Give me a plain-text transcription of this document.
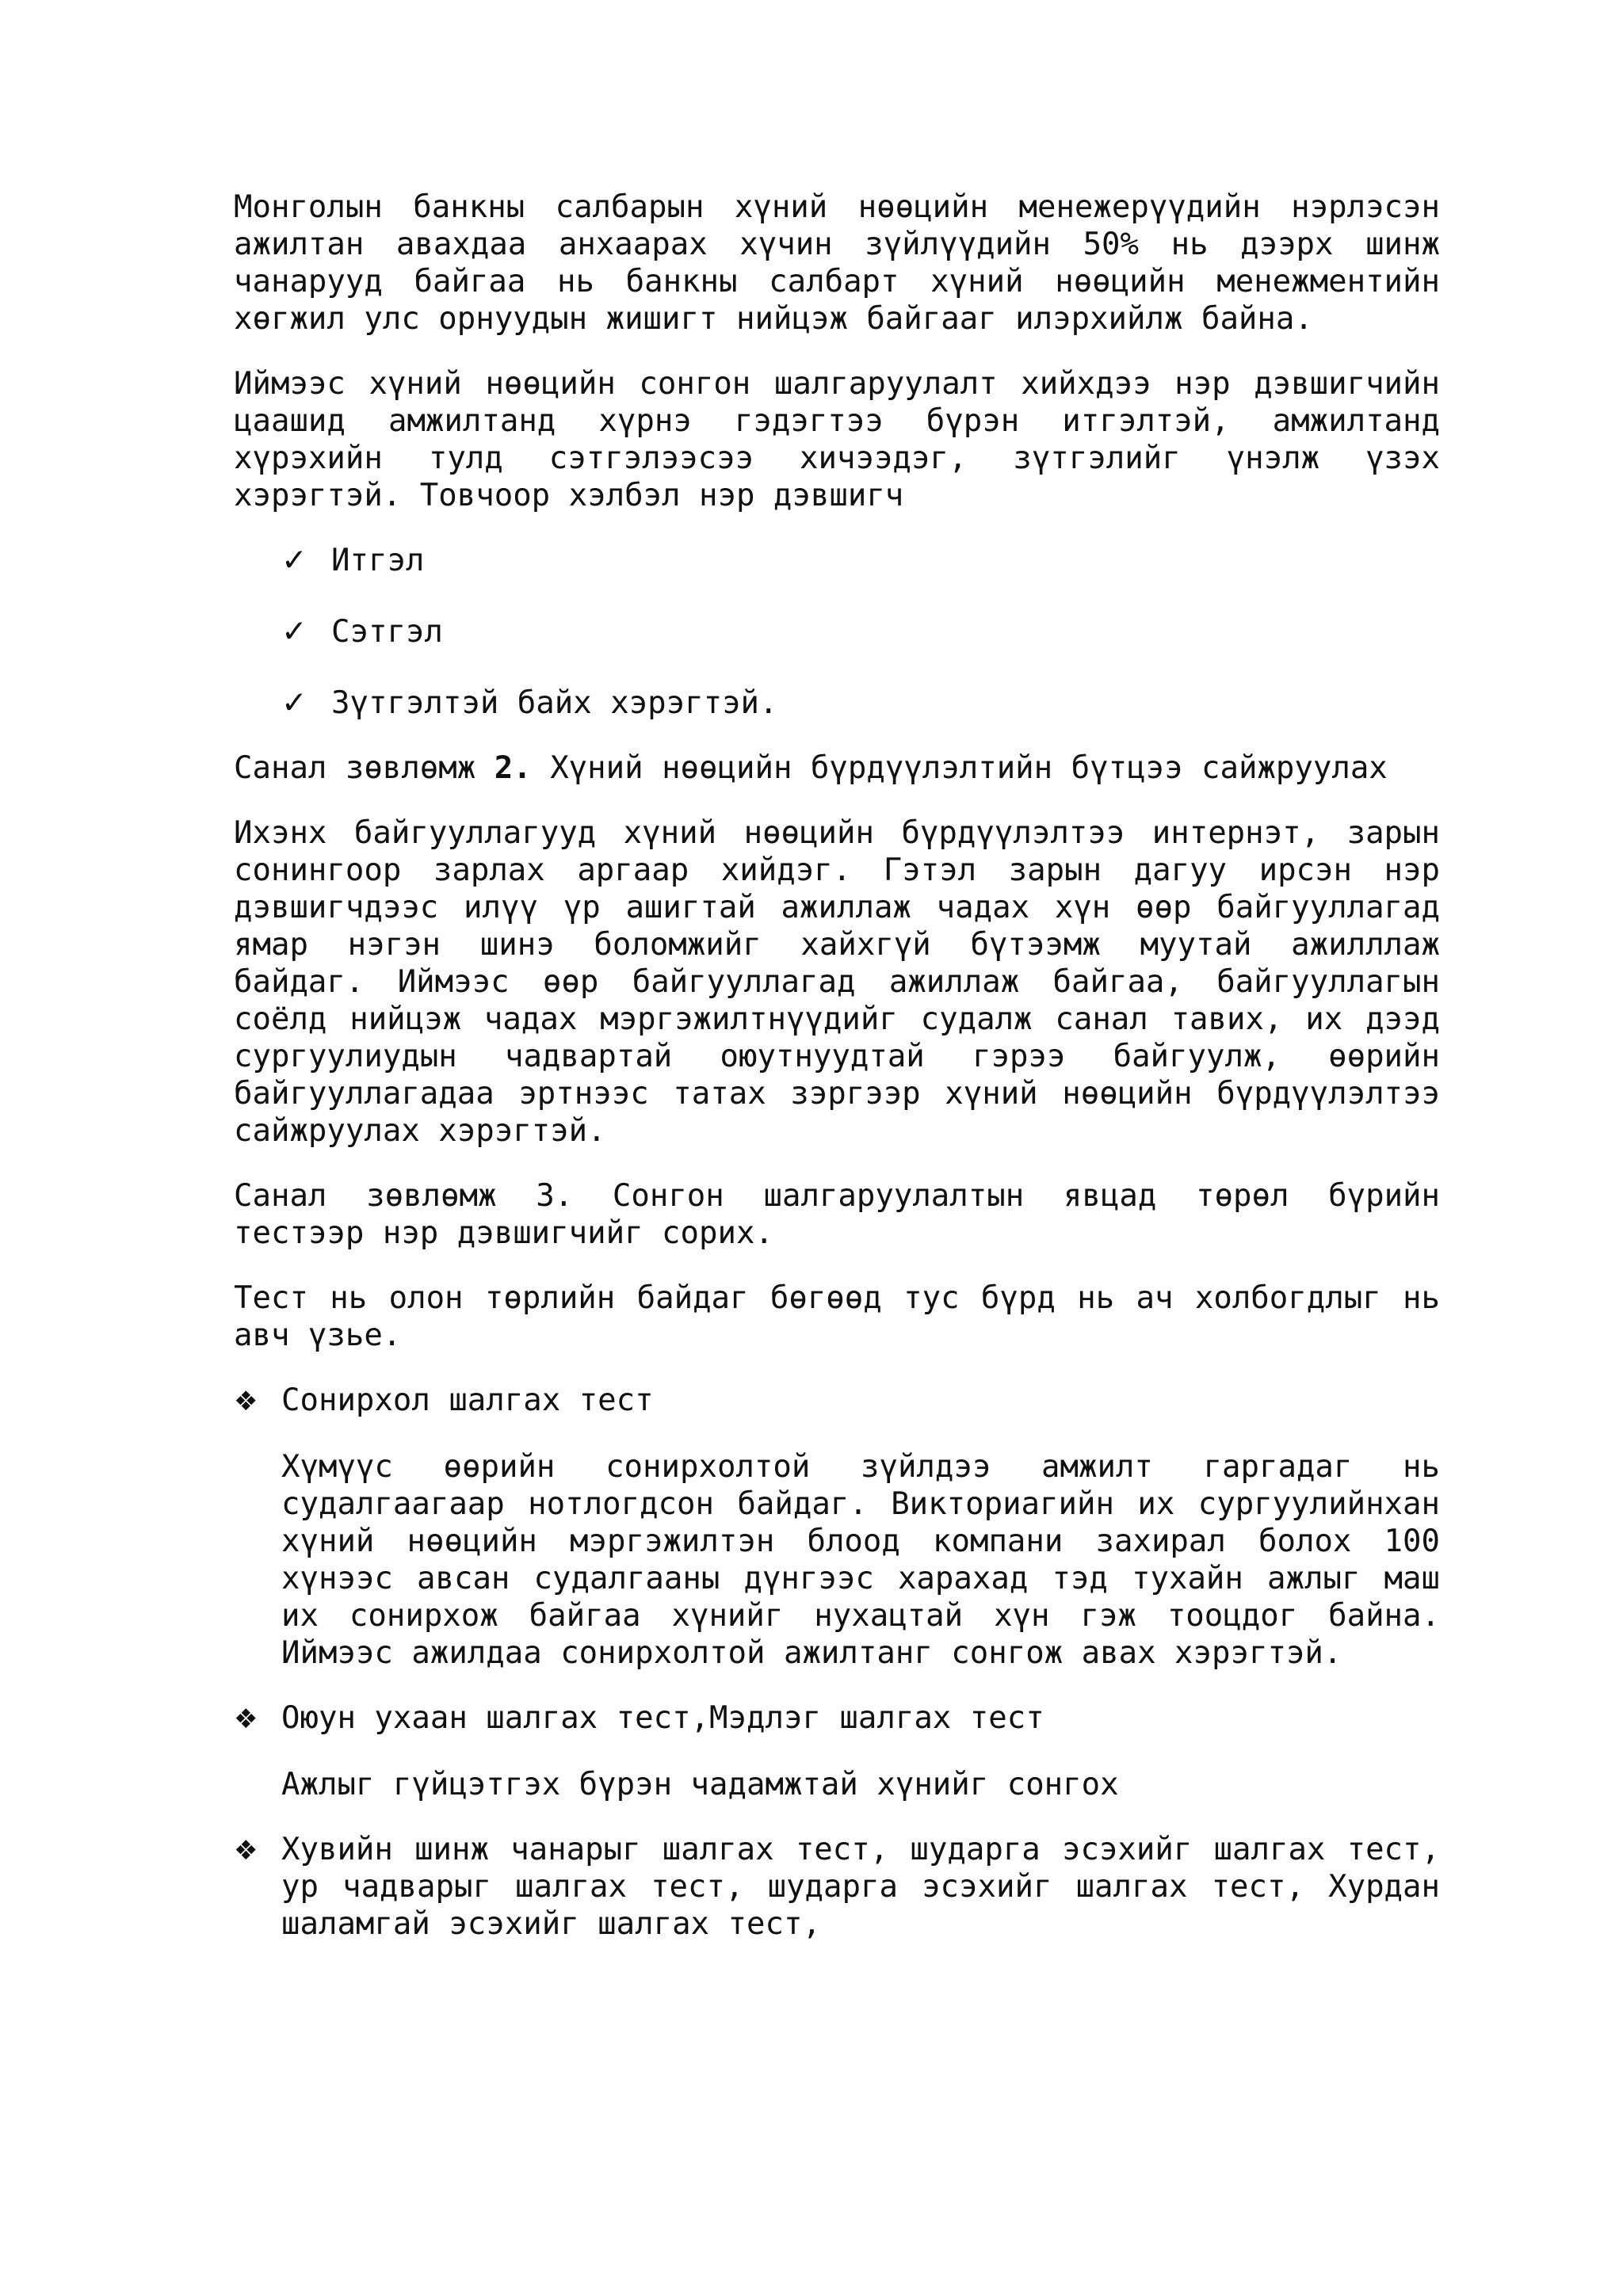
Монголын банкны салбарын хүний нөөцийн менежерүүдийн нэрлэсэн ажилтан авахдаа анхаарах хүчин зүйлүүдийн 50% нь дээрх шинж чанарууд байгаа нь банкны салбарт хүний нөөцийн менежментийн хөгжил улс орнуудын жишигт нийцэж байгааг илэрхийлж байна.

Иймээс хүний нөөцийн сонгон шалгаруулалт хийхдээ нэр дэвшигчийн цаашид амжилтанд хүрнэ гэдэгтээ бүрэн итгэлтэй, амжилтанд хүрэхийн тулд сэтгэлээсээ хичээдэг, зүтгэлийг үнэлж үзэх хэрэгтэй. Товчоор хэлбэл нэр дэвшигч

✓ Итгэл
✓ Сэтгэл
✓ Зүтгэлтэй байх хэрэгтэй.

Санал зөвлөмж 2. Хүний нөөцийн бүрдүүлэлтийн бүтцээ сайжруулах

Ихэнх байгууллагууд хүний нөөцийн бүрдүүлэлтээ интернэт, зарын сонингоор зарлах аргаар хийдэг. Гэтэл зарын дагуу ирсэн нэр дэвшигчдээс илүү үр ашигтай ажиллаж чадах хүн өөр байгууллагад ямар нэгэн шинэ боломжийг хайхгүй бүтээмж муутай ажилллаж байдаг. Иймээс өөр байгууллагад ажиллаж байгаа, байгууллагын соёлд нийцэж чадах мэргэжилтнүүдийг судалж санал тавих, их дээд сургуулиудын чадвартай оюутнуудтай гэрээ байгуулж, өөрийн байгууллагадаа эртнээс татах зэргээр хүний нөөцийн бүрдүүлэлтээ сайжруулах хэрэгтэй.

Санал зөвлөмж 3. Сонгон шалгаруулалтын явцад төрөл бүрийн тестээр нэр дэвшигчийг сорих.

Тест нь олон төрлийн байдаг бөгөөд тус бүрд нь ач холбогдлыг нь авч үзье.

❖ Сонирхол шалгах тест

Хүмүүс өөрийн сонирхолтой зүйлдээ амжилт гаргадаг нь судалгаагаар нотлогдсон байдаг. Викториагийн их сургуулийнхан хүний нөөцийн мэргэжилтэн блоод компани захирал болох 100 хүнээс авсан судалгааны дүнгээс харахад тэд тухайн ажлыг маш их сонирхож байгаа хүнийг нухацтай хүн гэж тооцдог байна. Иймээс ажилдаа сонирхолтой ажилтанг сонгож авах хэрэгтэй.

❖ Оюун ухаан шалгах тест,Мэдлэг шалгах тест

Ажлыг гүйцэтгэх бүрэн чадамжтай хүнийг сонгох

❖ Хувийн шинж чанарыг шалгах тест, шударга эсэхийг шалгах тест, ур чадварыг шалгах тест, шударга эсэхийг шалгах тест, Хурдан шаламгай эсэхийг шалгах тест,
